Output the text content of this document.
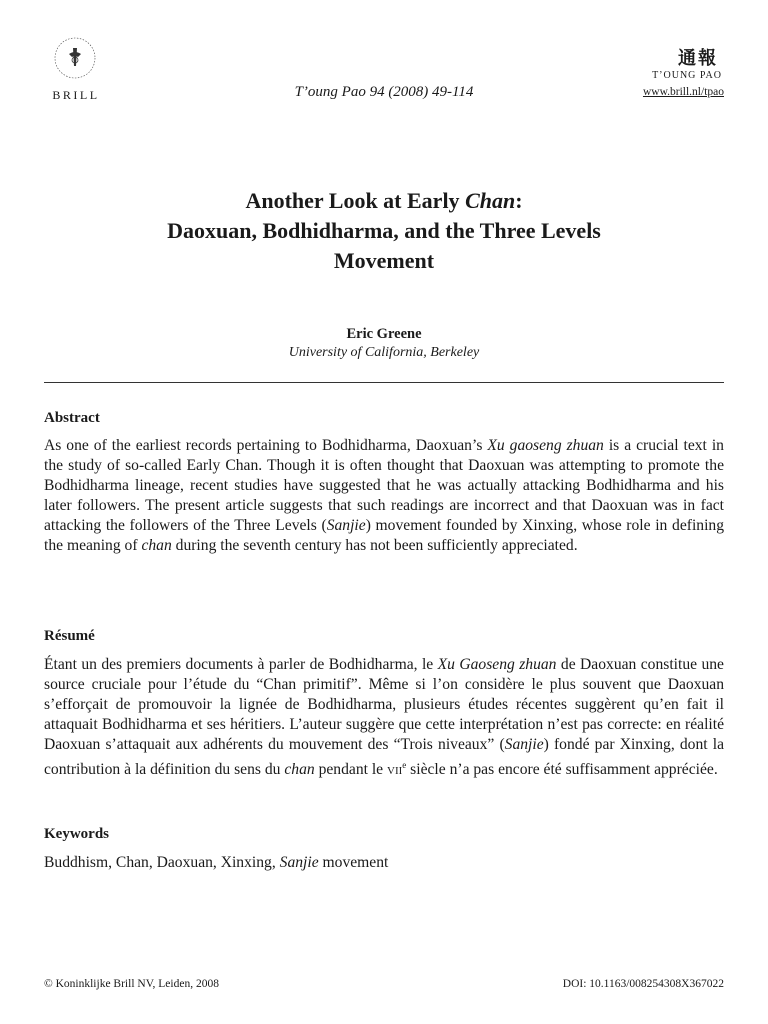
BRILL	T’oung Pao 94 (2008) 49-114
通報
T’OUNG PAO
www.brill.nl/tpao
Another Look at Early Chan:
Daoxuan, Bodhidharma, and the Three Levels
Movement
Eric Greene
University of California, Berkeley
Abstract
As one of the earliest records pertaining to Bodhidharma, Daoxuan’s Xu gaoseng zhuan is a crucial text in the study of so-called Early Chan. Though it is often thought that Daoxuan was attempting to promote the Bodhidharma lineage, recent studies have suggested that he was actually attacking Bodhidharma and his later followers. The present article suggests that such readings are incorrect and that Daoxuan was in fact attacking the followers of the Three Levels (Sanjie) movement founded by Xinxing, whose role in defining the meaning of chan during the seventh century has not been sufficiently appreciated.
Résumé
Étant un des premiers documents à parler de Bodhidharma, le Xu Gaoseng zhuan de Daoxuan constitue une source cruciale pour l’étude du “Chan primitif”. Même si l’on considère le plus souvent que Daoxuan s’efforçait de promouvoir la lignée de Bodhidharma, plusieurs études récentes suggèrent qu’en fait il attaquait Bodhidharma et ses héritiers. L’auteur suggère que cette interprétation n’est pas correcte: en réalité Daoxuan s’attaquait aux adhérents du mouvement des “Trois niveaux” (Sanjie) fondé par Xinxing, dont la contribution à la définition du sens du chan pendant le vii$^e$ siècle n’a pas encore été suffisamment appréciée.
Keywords
Buddhism, Chan, Daoxuan, Xinxing, Sanjie movement
© Koninklijke Brill NV, Leiden, 2008	DOI: 10.1163/008254308X367022
